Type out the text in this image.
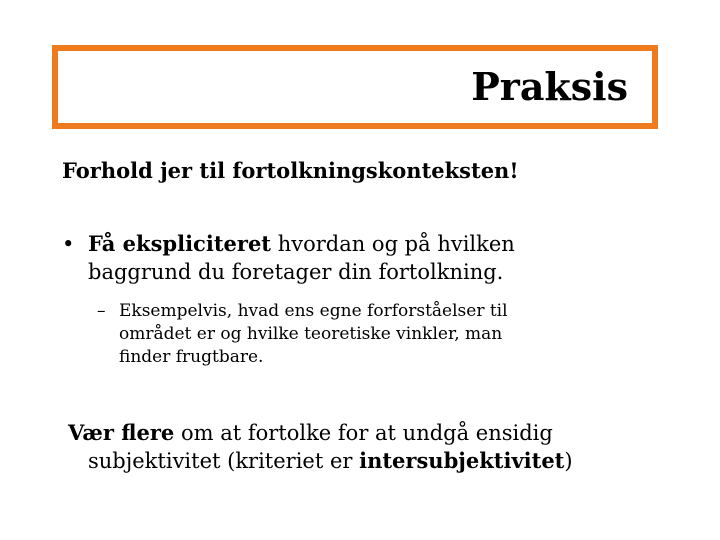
Praksis
Forhold jer til fortolkningskonteksten!
• Få ekspliciteret hvordan og på hvilken
baggrund du foretager din fortolkning.
– Eksempelvis, hvad ens egne forforståelser til
området er og hvilke teoretiske vinkler, man
finder frugtbare.
Vær flere om at fortolke for at undgå ensidig
subjektivitet (kriteriet er intersubjektivitet)
